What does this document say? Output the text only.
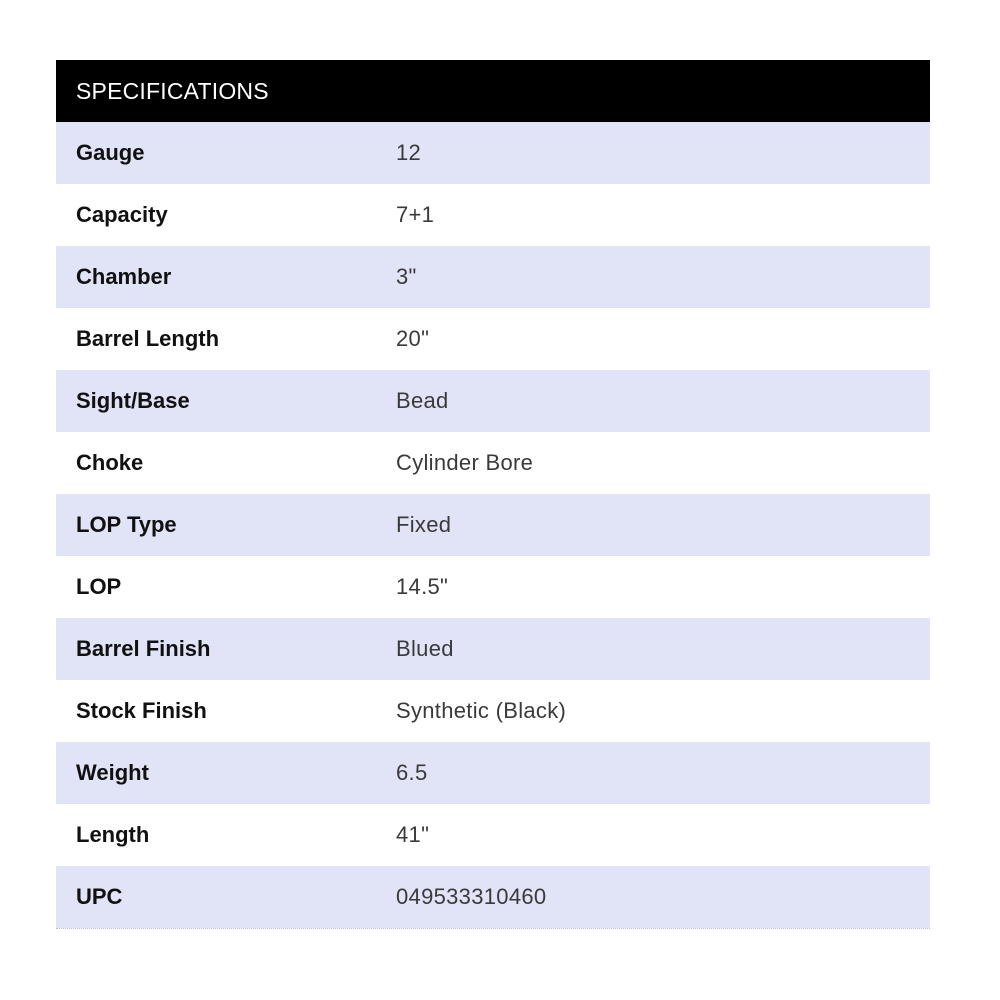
SPECIFICATIONS
Gauge	12
Capacity	7+1
Chamber	3"
Barrel Length	20"
Sight/Base	Bead
Choke	Cylinder Bore
LOP Type	Fixed
LOP	14.5"
Barrel Finish	Blued
Stock Finish	Synthetic (Black)
Weight	6.5
Length	41"
UPC	049533310460
